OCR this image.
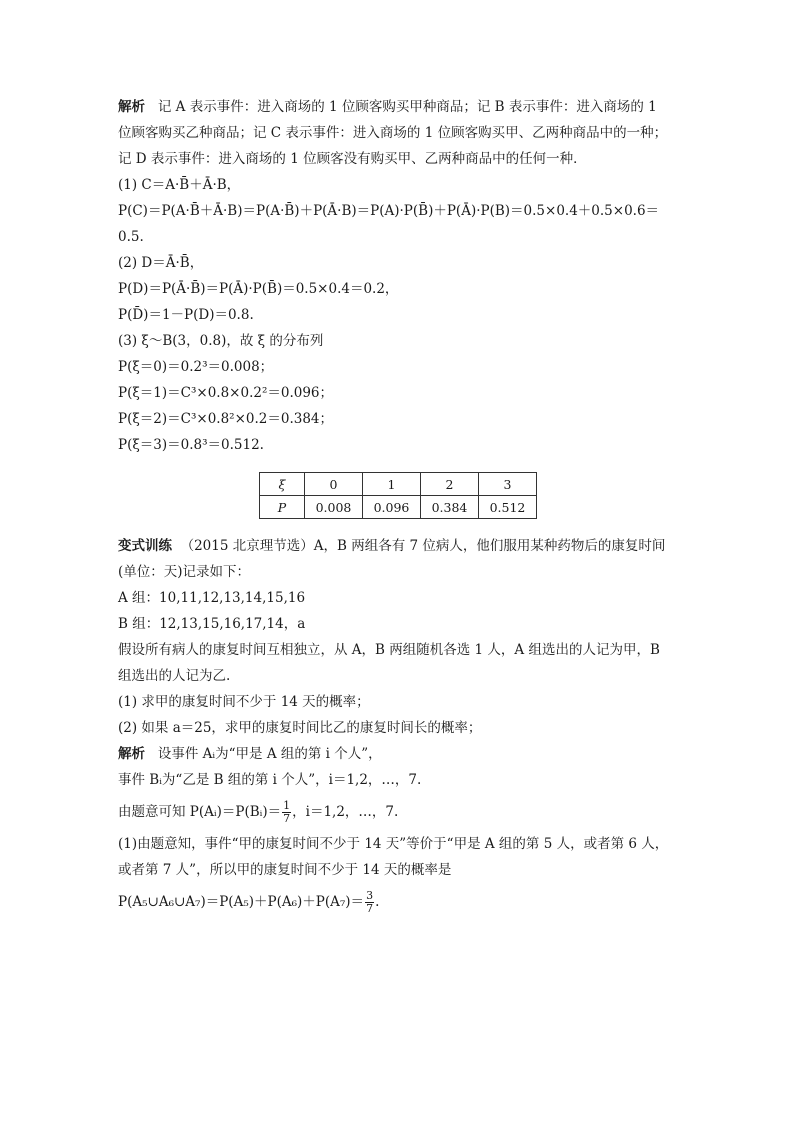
解析 记 A 表示事件：进入商场的 1 位顾客购买甲种商品；记 B 表示事件：进入商场的 1
位顾客购买乙种商品；记 C 表示事件：进入商场的 1 位顾客购买甲、乙两种商品中的一种；
记 D 表示事件：进入商场的 1 位顾客没有购买甲、乙两种商品中的任何一种．
(1) C＝A·B̄＋Ā·B，
P(C)＝P(A·B̄＋Ā·B)＝P(A·B̄)＋P(Ā·B)＝P(A)·P(B̄)＋P(Ā)·P(B)＝0.5×0.4＋0.5×0.6＝
0.5.
(2) D＝Ā·B̄，
P(D)＝P(Ā·B̄)＝P(Ā)·P(B̄)＝0.5×0.4＝0.2，
P(D̄)＝1－P(D)＝0.8.
(3) ξ～B(3，0.8)，故 ξ 的分布列
P(ξ＝0)＝0.2³＝0.008；
P(ξ＝1)＝C³×0.8×0.2²＝0.096；
P(ξ＝2)＝C³×0.8²×0.2＝0.384；
P(ξ＝3)＝0.8³＝0.512.
ξ	0	1	2	3
P	0.008	0.096	0.384	0.512
变式训练 （2015 北京理节选）A，B 两组各有 7 位病人，他们服用某种药物后的康复时间
(单位：天)记录如下：
A 组：10,11,12,13,14,15,16
B 组：12,13,15,16,17,14，a
假设所有病人的康复时间互相独立，从 A，B 两组随机各选 1 人，A 组选出的人记为甲，B
组选出的人记为乙.
(1) 求甲的康复时间不少于 14 天的概率；
(2) 如果 a＝25，求甲的康复时间比乙的康复时间长的概率；
解析 设事件 Aᵢ为“甲是 A 组的第 i 个人”，
事件 Bᵢ为“乙是 B 组的第 i 个人”，i＝1,2，…，7.
由题意可知 P(Aᵢ)＝P(Bᵢ)＝ $\frac{1}{7}$ ，i＝1,2，…，7.
(1)由题意知，事件“甲的康复时间不少于 14 天”等价于“甲是 A 组的第 5 人，或者第 6 人，
或者第 7 人”，所以甲的康复时间不少于 14 天的概率是
P(A₅∪A₆∪A₇)＝P(A₅)＋P(A₆)＋P(A₇)＝ $\frac{3}{7}$ .
